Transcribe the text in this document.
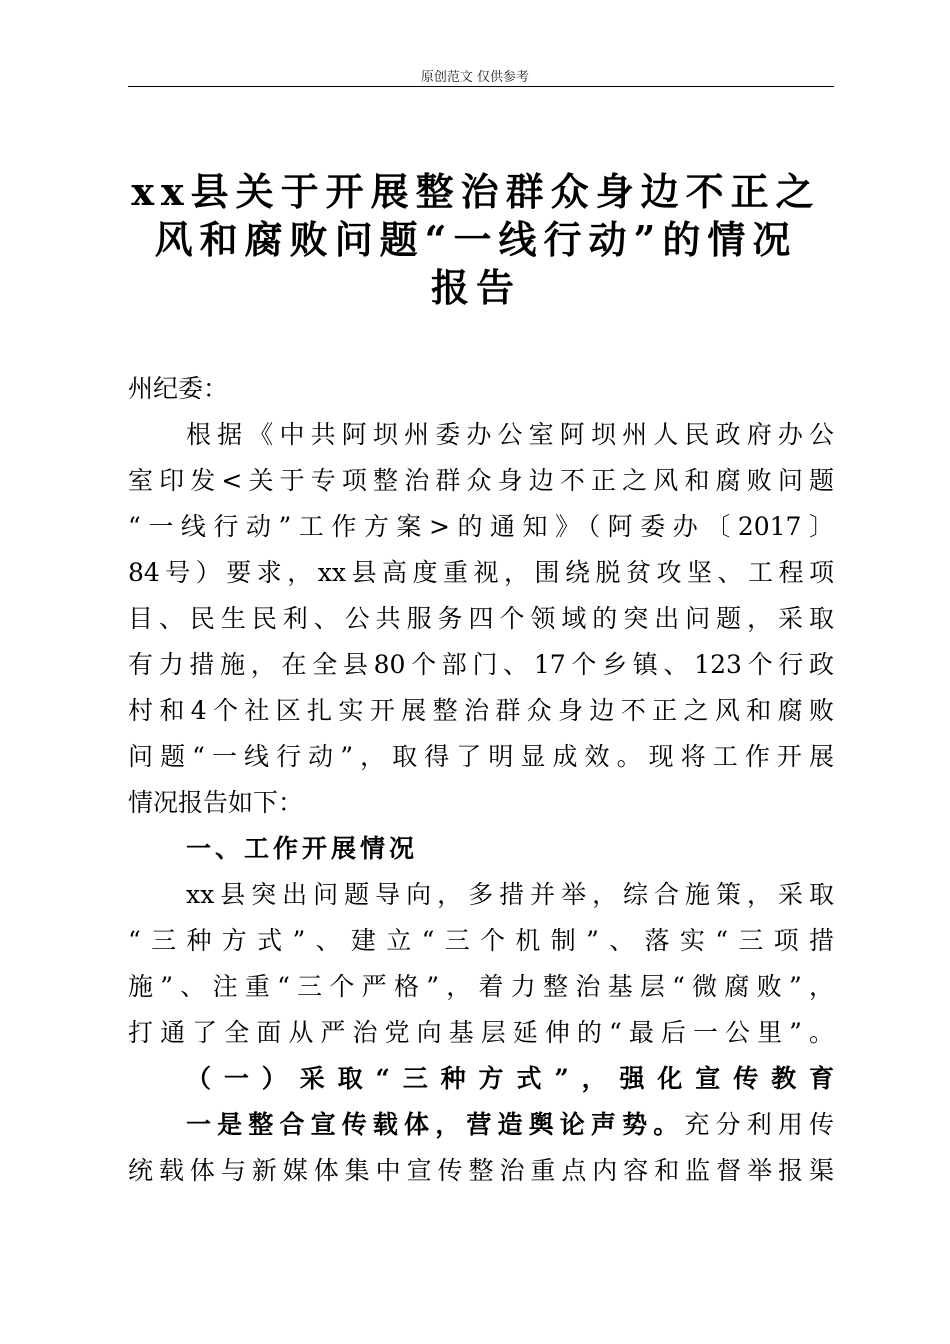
原创范文 仅供参考
xx县关于开展整治群众身边不正之
风和腐败问题“一线行动”的情况
报告
州纪委：
根据《中共阿坝州委办公室阿坝州人民政府办公
室印发<关于专项整治群众身边不正之风和腐败问题
“一线行动”工作方案>的通知》（阿委办〔2017〕
84号）要求，xx县高度重视，围绕脱贫攻坚、工程项
目、民生民利、公共服务四个领域的突出问题，采取
有力措施，在全县80个部门、17个乡镇、123个行政
村和4个社区扎实开展整治群众身边不正之风和腐败
问题“一线行动”，取得了明显成效。现将工作开展
情况报告如下：
一、工作开展情况
xx县突出问题导向，多措并举，综合施策，采取
“三种方式”、建立“三个机制”、落实“三项措
施”、注重“三个严格”，着力整治基层“微腐败”，
打通了全面从严治党向基层延伸的“最后一公里”。
（一）采取“三种方式”，强化宣传教育
一是整合宣传载体，营造舆论声势。充分利用传
统载体与新媒体集中宣传整治重点内容和监督举报渠
